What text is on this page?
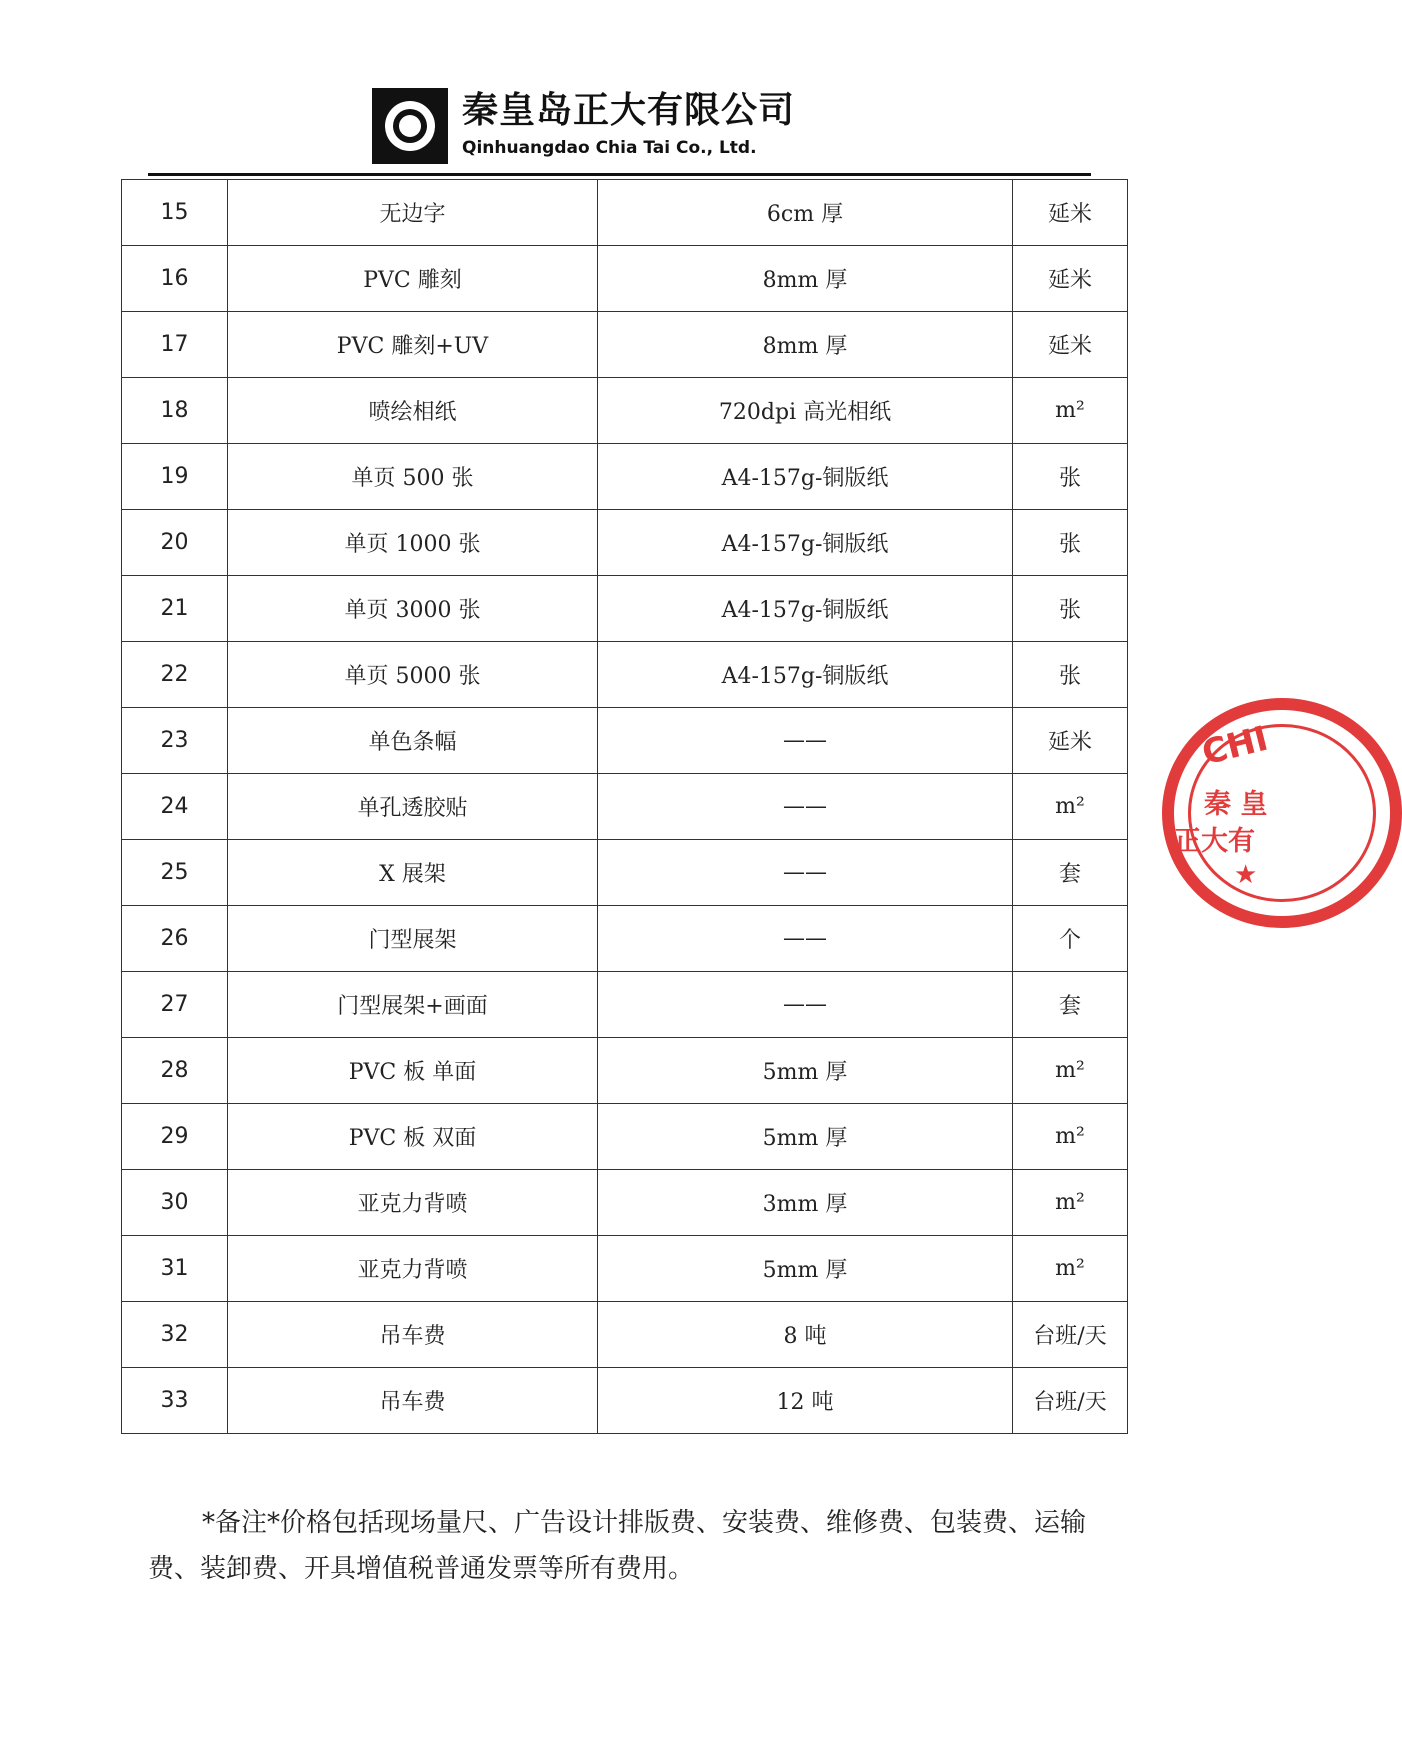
秦皇岛正大有限公司
Qinhuangdao Chia Tai Co., Ltd.
15	无边字	6cm 厚	延米
16	PVC 雕刻	8mm 厚	延米
17	PVC 雕刻+UV	8mm 厚	延米
18	喷绘相纸	720dpi 高光相纸	m²
19	单页 500 张	A4-157g-铜版纸	张
20	单页 1000 张	A4-157g-铜版纸	张
21	单页 3000 张	A4-157g-铜版纸	张
22	单页 5000 张	A4-157g-铜版纸	张
23	单色条幅	——	延米
24	单孔透胶贴	——	m²
25	X 展架	——	套
26	门型展架	——	个
27	门型展架+画面	——	套
28	PVC 板 单面	5mm 厚	m²
29	PVC 板 双面	5mm 厚	m²
30	亚克力背喷	3mm 厚	m²
31	亚克力背喷	5mm 厚	m²
32	吊车费	8 吨	台班/天
33	吊车费	12 吨	台班/天
*备注*价格包括现场量尺、广告设计排版费、安装费、维修费、包装费、运输费、装卸费、开具增值税普通发票等所有费用。
CHI
秦 皇
正大有
★
